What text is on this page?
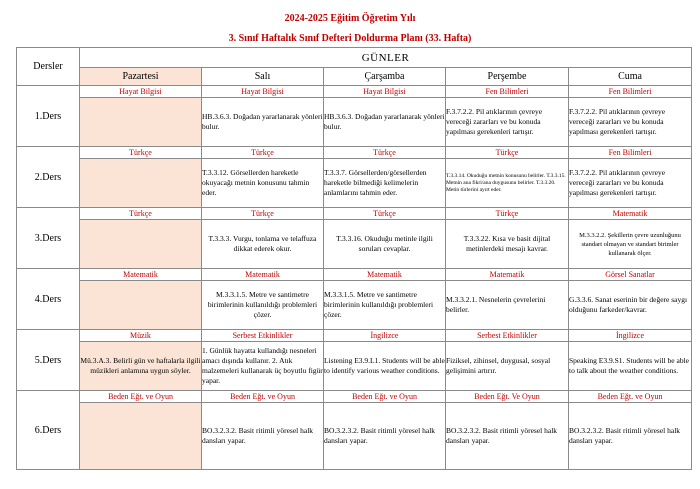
2024-2025 Eğitim Öğretim Yılı
3. Sınıf Haftalık Sınıf Defteri Doldurma Planı (33. Hafta)
Dersler	GÜNLER				
	Pazartesi	Salı	Çarşamba	Perşembe	Cuma
1.Ders	Hayat Bilgisi	Hayat Bilgisi	Hayat Bilgisi	Fen Bilimleri	Fen Bilimleri
		HB.3.6.3. Doğadan yararlanarak yönleri bulur.	HB.3.6.3. Doğadan yararlanarak yönleri bulur.	F.3.7.2.2. Pil atıklarının çevreye vereceği zararları ve bu konuda yapılması gerekenleri tartışır.	F.3.7.2.2. Pil atıklarının çevreye vereceği zararları ve bu konuda yapılması gerekenleri tartışır.
2.Ders	Türkçe	Türkçe	Türkçe	Türkçe	Fen Bilimleri
		T.3.3.12. Görsellerden hareketle okuyacağı metnin konusunu tahmin eder.	T.3.3.7. Görsellerden/görsellerden hareketle bilmediği kelimelerin anlamlarını tahmin eder.	T.3.3.14. Okuduğu metnin konusunu belirler. T.3.3.15. Metnin ana fikri/ana duygusunu belirler. T.3.3.20. Metin türlerini ayırt eder.	F.3.7.2.2. Pil atıklarının çevreye vereceği zararları ve bu konuda yapılması gerekenleri tartışır.
3.Ders	Türkçe	Türkçe	Türkçe	Türkçe	Matematik
		T.3.3.3. Vurgu, tonlama ve telaffuza dikkat ederek okur.	T.3.3.16. Okuduğu metinle ilgili soruları cevaplar.	T.3.3.22. Kısa ve basit dijital metinlerdeki mesajı kavrar.	M.3.3.2.2. Şekillerin çevre uzunluğunu standart olmayan ve standart birimler kullanarak ölçer.
4.Ders	Matematik	Matematik	Matematik	Matematik	Görsel Sanatlar
		M.3.3.1.5. Metre ve santimetre birimlerinin kullanıldığı problemleri çözer.	M.3.3.1.5. Metre ve santimetre birimlerinin kullanıldığı problemleri çözer.	M.3.3.2.1. Nesnelerin çevrelerini belirler.	G.3.3.6. Sanat eserinin bir değere saygı olduğunu farkeder/kavrar.
5.Ders	Müzik	Serbest Etkinlikler	İngilizce	Serbest Etkinlikler	İngilizce
	Mü.3.A.3. Belirli gün ve haftalarla ilgili müzikleri anlamına uygun söyler.	1. Günlük hayatta kullandığı nesneleri amacı dışında kullanır. 2. Atık malzemeleri kullanarak üç boyutlu figür yapar.	Listening E3.9.L1. Students will be able to identify various weather conditions.	Fiziksel, zihinsel, duygusal, sosyal gelişimini artırır.	Speaking E3.9.S1. Students will be able to talk about the weather conditions.
6.Ders	Beden Eğt. ve Oyun	Beden Eğt. ve Oyun	Beden Eğt. ve Oyun	Beden Eğt. Ve Oyun	Beden Eğt. ve Oyun
		BO.3.2.3.2. Basit ritimli yöresel halk dansları yapar.	BO.3.2.3.2. Basit ritimli yöresel halk dansları yapar.	BO.3.2.3.2. Basit ritimli yöresel halk dansları yapar.	BO.3.2.3.2. Basit ritimli yöresel halk dansları yapar.
